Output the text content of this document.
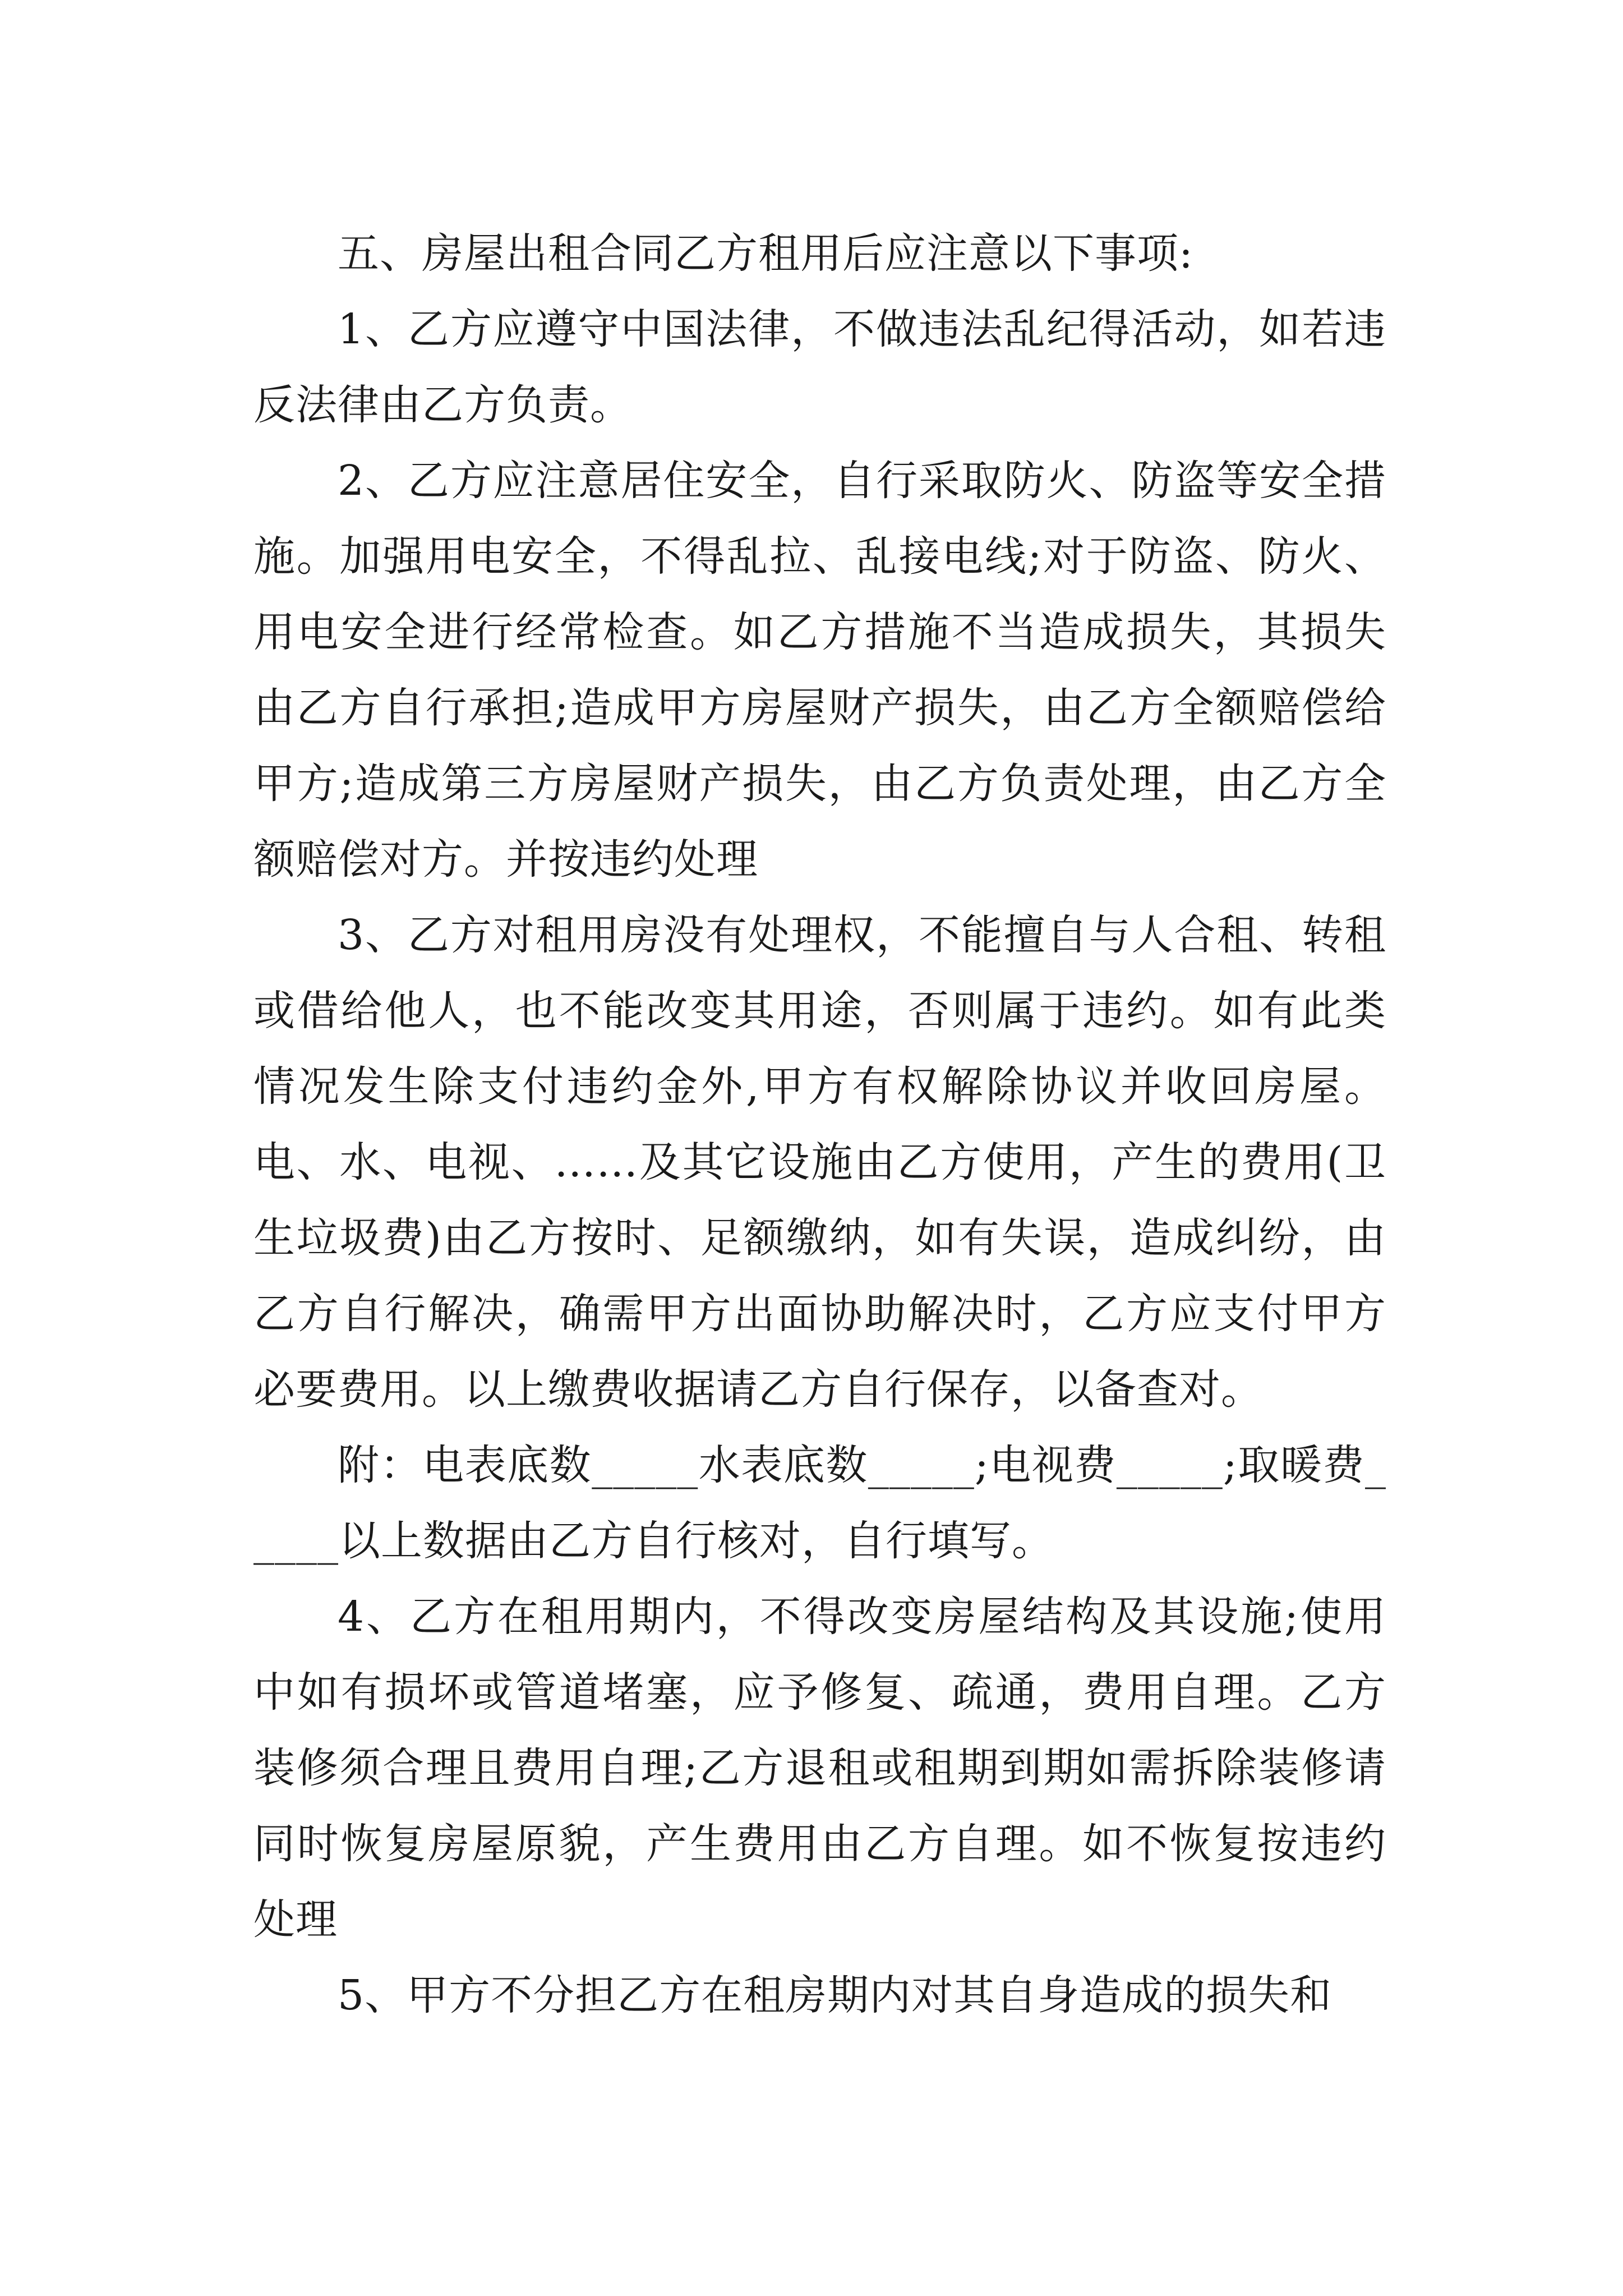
五、房屋出租合同乙方租用后应注意以下事项:

1、乙方应遵守中国法律，不做违法乱纪得活动，如若违反法律由乙方负责。

2、乙方应注意居住安全，自行采取防火、防盗等安全措施。加强用电安全，不得乱拉、乱接电线;对于防盗、防火、用电安全进行经常检查。如乙方措施不当造成损失，其损失由乙方自行承担;造成甲方房屋财产损失，由乙方全额赔偿给甲方;造成第三方房屋财产损失，由乙方负责处理，由乙方全额赔偿对方。并按违约处理

3、乙方对租用房没有处理权，不能擅自与人合租、转租或借给他人，也不能改变其用途，否则属于违约。如有此类情况发生除支付违约金外,甲方有权解除协议并收回房屋。电、水、电视、……及其它设施由乙方使用，产生的费用(卫生垃圾费)由乙方按时、足额缴纳，如有失误，造成纠纷，由乙方自行解决，确需甲方出面协助解决时，乙方应支付甲方必要费用。以上缴费收据请乙方自行保存，以备查对。

附：电表底数_____水表底数_____;电视费_____;取暖费_____以上数据由乙方自行核对，自行填写。

4、乙方在租用期内，不得改变房屋结构及其设施;使用中如有损坏或管道堵塞，应予修复、疏通，费用自理。乙方装修须合理且费用自理;乙方退租或租期到期如需拆除装修请同时恢复房屋原貌，产生费用由乙方自理。如不恢复按违约处理

5、甲方不分担乙方在租房期内对其自身造成的损失和
